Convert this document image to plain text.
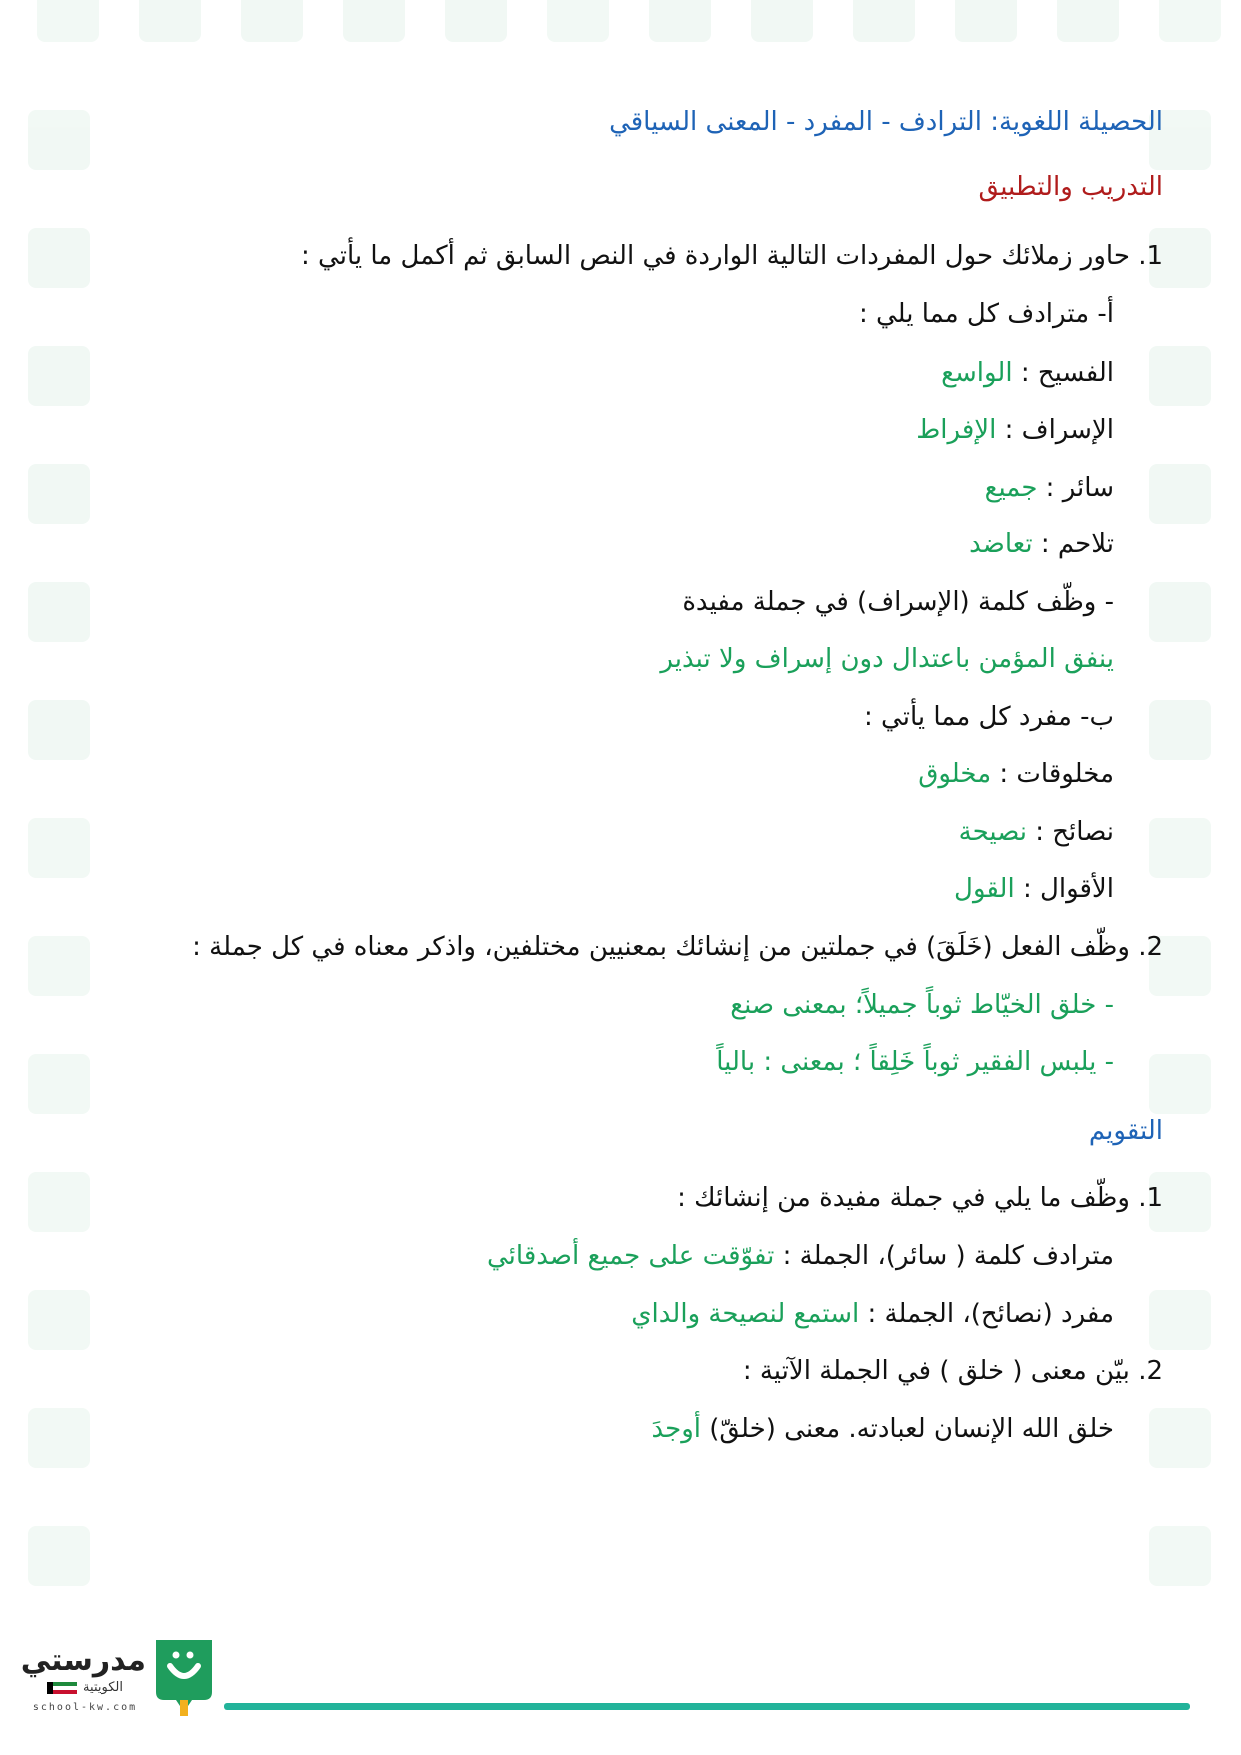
الحصيلة اللغوية: الترادف - المفرد - المعنى السياقي
التدريب والتطبيق
1. حاور زملائك حول المفردات التالية الواردة في النص السابق ثم أكمل ما يأتي :
أ- مترادف كل مما يلي :
الفسيح : الواسع
الإسراف : الإفراط
سائر : جميع
تلاحم : تعاضد
- وظّف كلمة (الإسراف) في جملة مفيدة
ينفق المؤمن باعتدال دون إسراف ولا تبذير
ب- مفرد كل مما يأتي :
مخلوقات : مخلوق
نصائح : نصيحة
الأقوال : القول
2. وظّف الفعل (خَلَقَ) في جملتين من إنشائك بمعنيين مختلفين، واذكر معناه في كل جملة :
- خلق الخيّاط ثوباً جميلاً؛ بمعنى صنع
- يلبس الفقير ثوباً خَلِقاً ؛ بمعنى : بالياً
التقويم
1. وظّف ما يلي في جملة مفيدة من إنشائك :
مترادف كلمة ( سائر)، الجملة : تفوّقت على جميع أصدقائي
مفرد (نصائح)، الجملة : استمع لنصيحة والداي
2. بيّن معنى ( خلق ) في الجملة الآتية :
خلق الله الإنسان لعبادته. معنى (خلقّ) أوجدَ
مدرستي
الكويتية
school-kw.com
